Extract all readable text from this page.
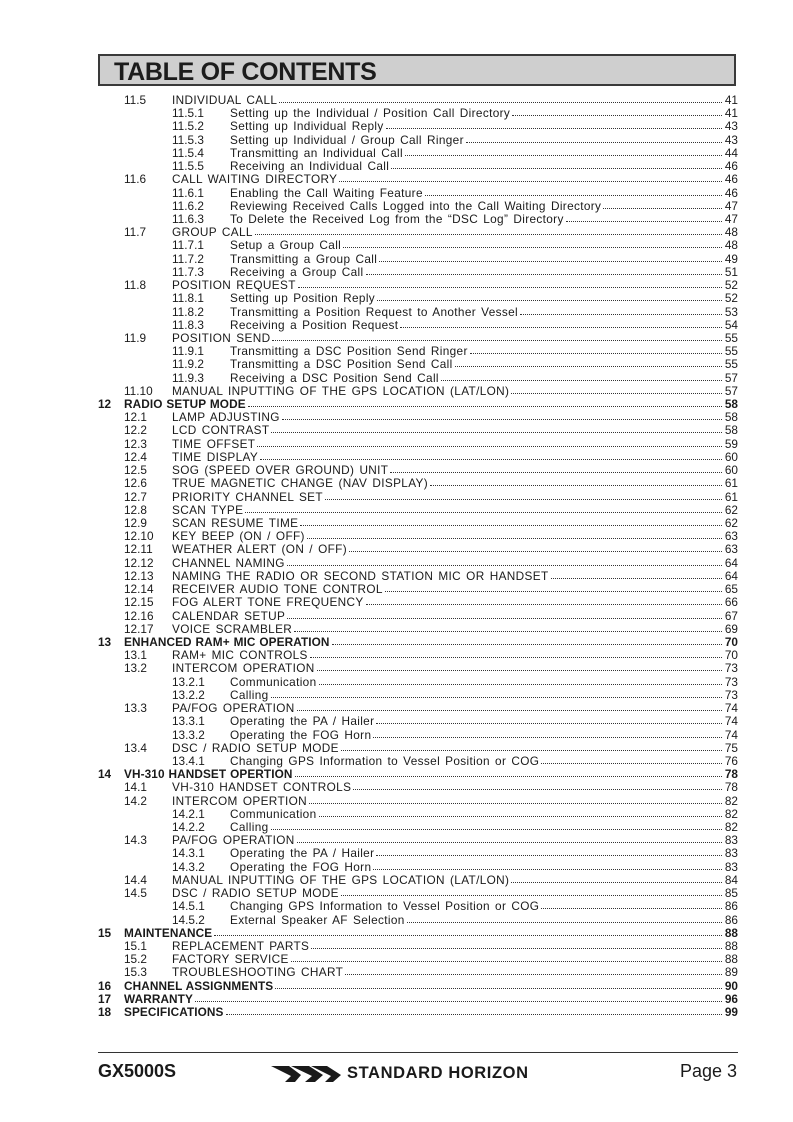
TABLE OF CONTENTS
11.5 INDIVIDUAL CALL	41
11.5.1 Setting up the Individual / Position Call Directory	41
11.5.2 Setting up Individual Reply	43
11.5.3 Setting up Individual / Group Call Ringer	43
11.5.4 Transmitting an Individual Call	44
11.5.5 Receiving an Individual Call	46
11.6 CALL WAITING DIRECTORY	46
11.6.1 Enabling the Call Waiting Feature	46
11.6.2 Reviewing Received Calls Logged into the Call Waiting Directory	47
11.6.3 To Delete the Received Log from the “DSC Log” Directory	47
11.7 GROUP CALL	48
11.7.1 Setup a Group Call	48
11.7.2 Transmitting a Group Call	49
11.7.3 Receiving a Group Call	51
11.8 POSITION REQUEST	52
11.8.1 Setting up Position Reply	52
11.8.2 Transmitting a Position Request to Another Vessel	53
11.8.3 Receiving a Position Request	54
11.9 POSITION SEND	55
11.9.1 Transmitting a DSC Position Send Ringer	55
11.9.2 Transmitting a DSC Position Send Call	55
11.9.3 Receiving a DSC Position Send Call	57
11.10 MANUAL INPUTTING OF THE GPS LOCATION (LAT/LON)	57
12 RADIO SETUP MODE	58
12.1 LAMP ADJUSTING	58
12.2 LCD CONTRAST	58
12.3 TIME OFFSET	59
12.4 TIME DISPLAY	60
12.5 SOG (SPEED OVER GROUND) UNIT	60
12.6 TRUE MAGNETIC CHANGE (NAV DISPLAY)	61
12.7 PRIORITY CHANNEL SET	61
12.8 SCAN TYPE	62
12.9 SCAN RESUME TIME	62
12.10 KEY BEEP (ON / OFF)	63
12.11 WEATHER ALERT (ON / OFF)	63
12.12 CHANNEL NAMING	64
12.13 NAMING THE RADIO OR SECOND STATION MIC OR HANDSET	64
12.14 RECEIVER AUDIO TONE CONTROL	65
12.15 FOG ALERT TONE FREQUENCY	66
12.16 CALENDAR SETUP	67
12.17 VOICE SCRAMBLER	69
13 ENHANCED RAM+ MIC OPERATION	70
13.1 RAM+ MIC CONTROLS	70
13.2 INTERCOM OPERATION	73
13.2.1 Communication	73
13.2.2 Calling	73
13.3 PA/FOG OPERATION	74
13.3.1 Operating the PA / Hailer	74
13.3.2 Operating the FOG Horn	74
13.4 DSC / RADIO SETUP MODE	75
13.4.1 Changing GPS Information to Vessel Position or COG	76
14 VH-310 HANDSET OPERTION	78
14.1 VH-310 HANDSET CONTROLS	78
14.2 INTERCOM OPERTION	82
14.2.1 Communication	82
14.2.2 Calling	82
14.3 PA/FOG OPERATION	83
14.3.1 Operating the PA / Hailer	83
14.3.2 Operating the FOG Horn	83
14.4 MANUAL INPUTTING OF THE GPS LOCATION (LAT/LON)	84
14.5 DSC / RADIO SETUP MODE	85
14.5.1 Changing GPS Information to Vessel Position or COG	86
14.5.2 External Speaker AF Selection	86
15 MAINTENANCE	88
15.1 REPLACEMENT PARTS	88
15.2 FACTORY SERVICE	88
15.3 TROUBLESHOOTING CHART	89
16 CHANNEL ASSIGNMENTS	90
17 WARRANTY	96
18 SPECIFICATIONS	99
GX5000S	STANDARD HORIZON	Page 3
